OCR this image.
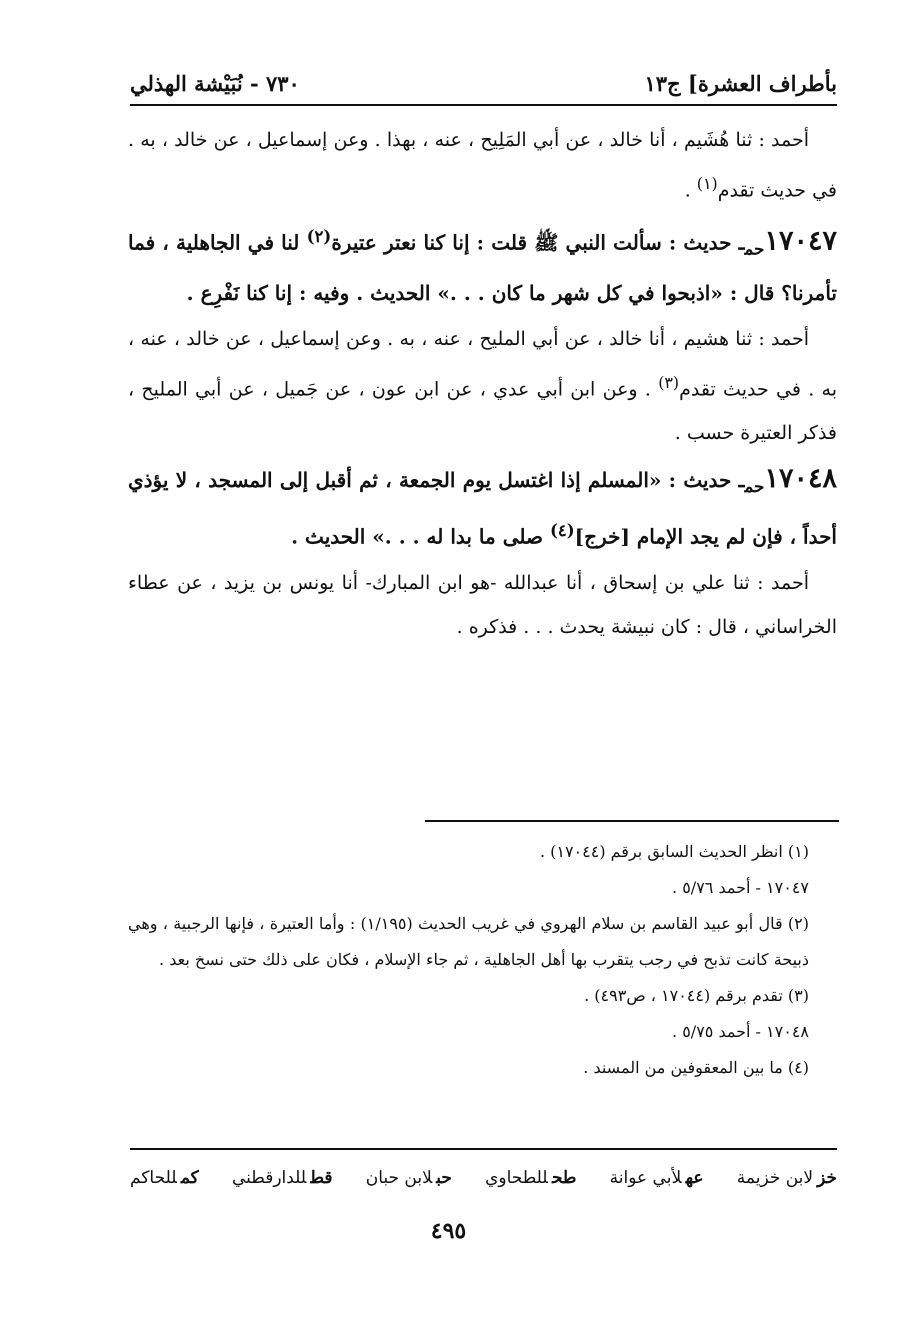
بأطراف العشرة] ج١٣
٧٣٠ - نُبَيْشة الهذلي

أحمد : ثنا هُشَيم ، أنا خالد ، عن أبي المَلِيح ، عنه ، بهذا . وعن إسماعيل ، عن خالد ، به . في حديث تقدم$^{(١)}$ .

$١٧٠٤٧_{حم}ـ$ حديث : سألت النبي ﷺ قلت : إنا كنا نعتر عتيرة$^{(٢)}$ لنا في الجاهلية ، فما تأمرنا؟ قال : «اذبحوا في كل شهر ما كان . . .» الحديث . وفيه : إنا كنا نَفْرِع .

أحمد : ثنا هشيم ، أنا خالد ، عن أبي المليح ، عنه ، به . وعن إسماعيل ، عن خالد ، عنه ، به . في حديث تقدم$^{(٣)}$ . وعن ابن أبي عدي ، عن ابن عون ، عن جَميل ، عن أبي المليح ، فذكر العتيرة حسب .

$١٧٠٤٨_{حم}ـ$ حديث : «المسلم إذا اغتسل يوم الجمعة ، ثم أقبل إلى المسجد ، لا يؤذي أحداً ، فإن لم يجد الإمام [خرج]$^{(٤)}$ صلى ما بدا له . . .» الحديث .

أحمد : ثنا علي بن إسحاق ، أنا عبدالله -هو ابن المبارك- أنا يونس بن يزيد ، عن عطاء الخراساني ، قال : كان نبيشة يحدث . . . فذكره .

(١) انظر الحديث السابق برقم (١٧٠٤٤) .

١٧٠٤٧ - أحمد ٥/٧٦ .

(٢) قال أبو عبيد القاسم بن سلام الهروي في غريب الحديث (١/١٩٥) : وأما العتيرة ، فإنها الرجبية ، وهي ذبيحة كانت تذبح في رجب يتقرب بها أهل الجاهلية ، ثم جاء الإسلام ، فكان على ذلك حتى نسخ بعد .

(٣) تقدم برقم (١٧٠٤٤ ، ص٤٩٣) .

١٧٠٤٨ - أحمد ٥/٧٥ .

(٤) ما بين المعقوفين من المسند .

خزلابن خزيمة
عهلأبي عوانة
طحللطحاوي
حبلابن حبان
قطللدارقطني
كمللحاكم
٤٩٥
